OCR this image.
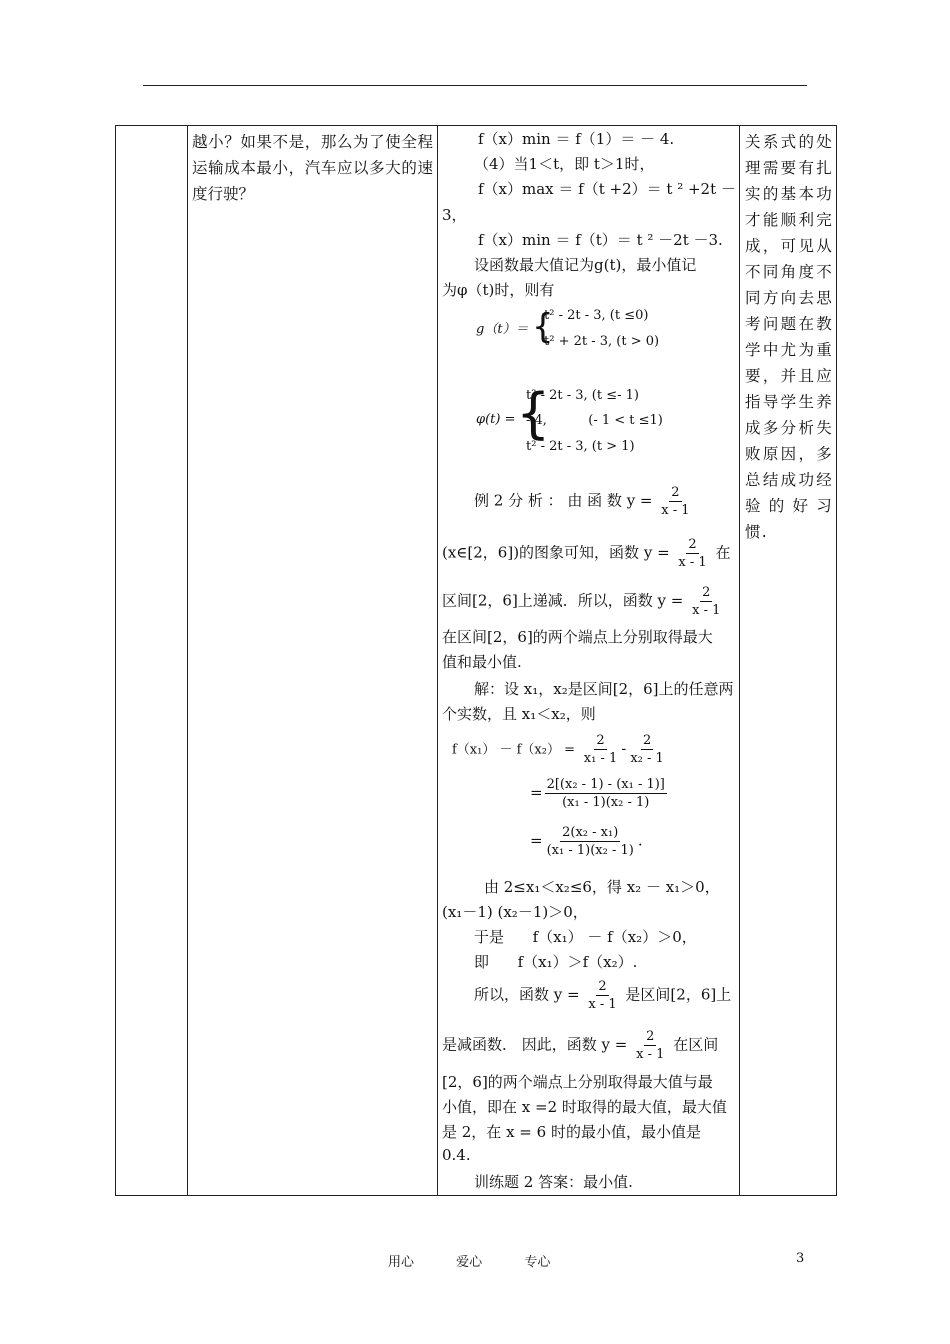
越小？如果不是，那么为了使全程运输成本最小，汽车应以多大的速度行驶？

f（x）min ＝ f（1）＝ － 4.
（4）当1＜t，即 t＞1时，
f（x）max ＝ f（t +2）＝ t ² +2t －
3，
f（x）min ＝ f（t）＝ t ² －2t －3.
设函数最大值记为g(t)，最小值记
为φ（t)时，则有
g（t）＝ {
t² - 2t - 3, (t ≤0)
t² + 2t - 3, (t > 0)
φ(t) = {
t² - 2t - 3, (t ≤- 1)
- 4,          (- 1 < t ≤1)
t² - 2t - 3, (t > 1)
例 2 分 析 ： 由 函 数 $y = \frac{2}{x - 1}$
(x∈[2，6])的图象可知，函数 $y = \frac{2}{x - 1}$ 在
区间[2，6]上递减．所以，函数 $y = \frac{2}{x - 1}$
在区间[2，6]的两个端点上分别取得最大
值和最小值.
解：设 x₁，x₂是区间[2，6]上的任意两
个实数，且 x₁＜x₂，则
$f(x_1) - f(x_2) = \frac{2}{\text{x₁ - 1}} - \frac{2}{\text{x₂ - 1}}$
= $\frac{\text{2[(x₂ - 1) - (x₁ - 1)]}}{\text{(x₁ - 1)(x₂ - 1)}}$
= $\frac{\text{2(x₂ - x₁)}}{\text{(x₁ - 1)(x₂ - 1)}}$ .
由 2≤x₁＜x₂≤6，得 x₂ － x₁＞0，
(x₁－1) (x₂－1)＞0，
于是      f（x₁） － f（x₂）＞0，
即      f（x₁）＞f（x₂）.
所以，函数 $y = \frac{2}{x - 1}$ 是区间[2，6]上
是减函数． 因此，函数 $y = \frac{2}{x - 1}$ 在区间
[2，6]的两个端点上分别取得最大值与最
小值，即在 x =2 时取得的最大值，最大值
是 2，在 x = 6 时的最小值，最小值是
0.4.
训练题 2 答案：最小值.

关系式的处理需要有扎实的基本功才能顺利完成，可见从不同角度不同方向去思考问题在教学中尤为重要，并且应指导学生养成多分析失败原因，多总结成功经验的好习惯.
用心	爱心	专心	3
